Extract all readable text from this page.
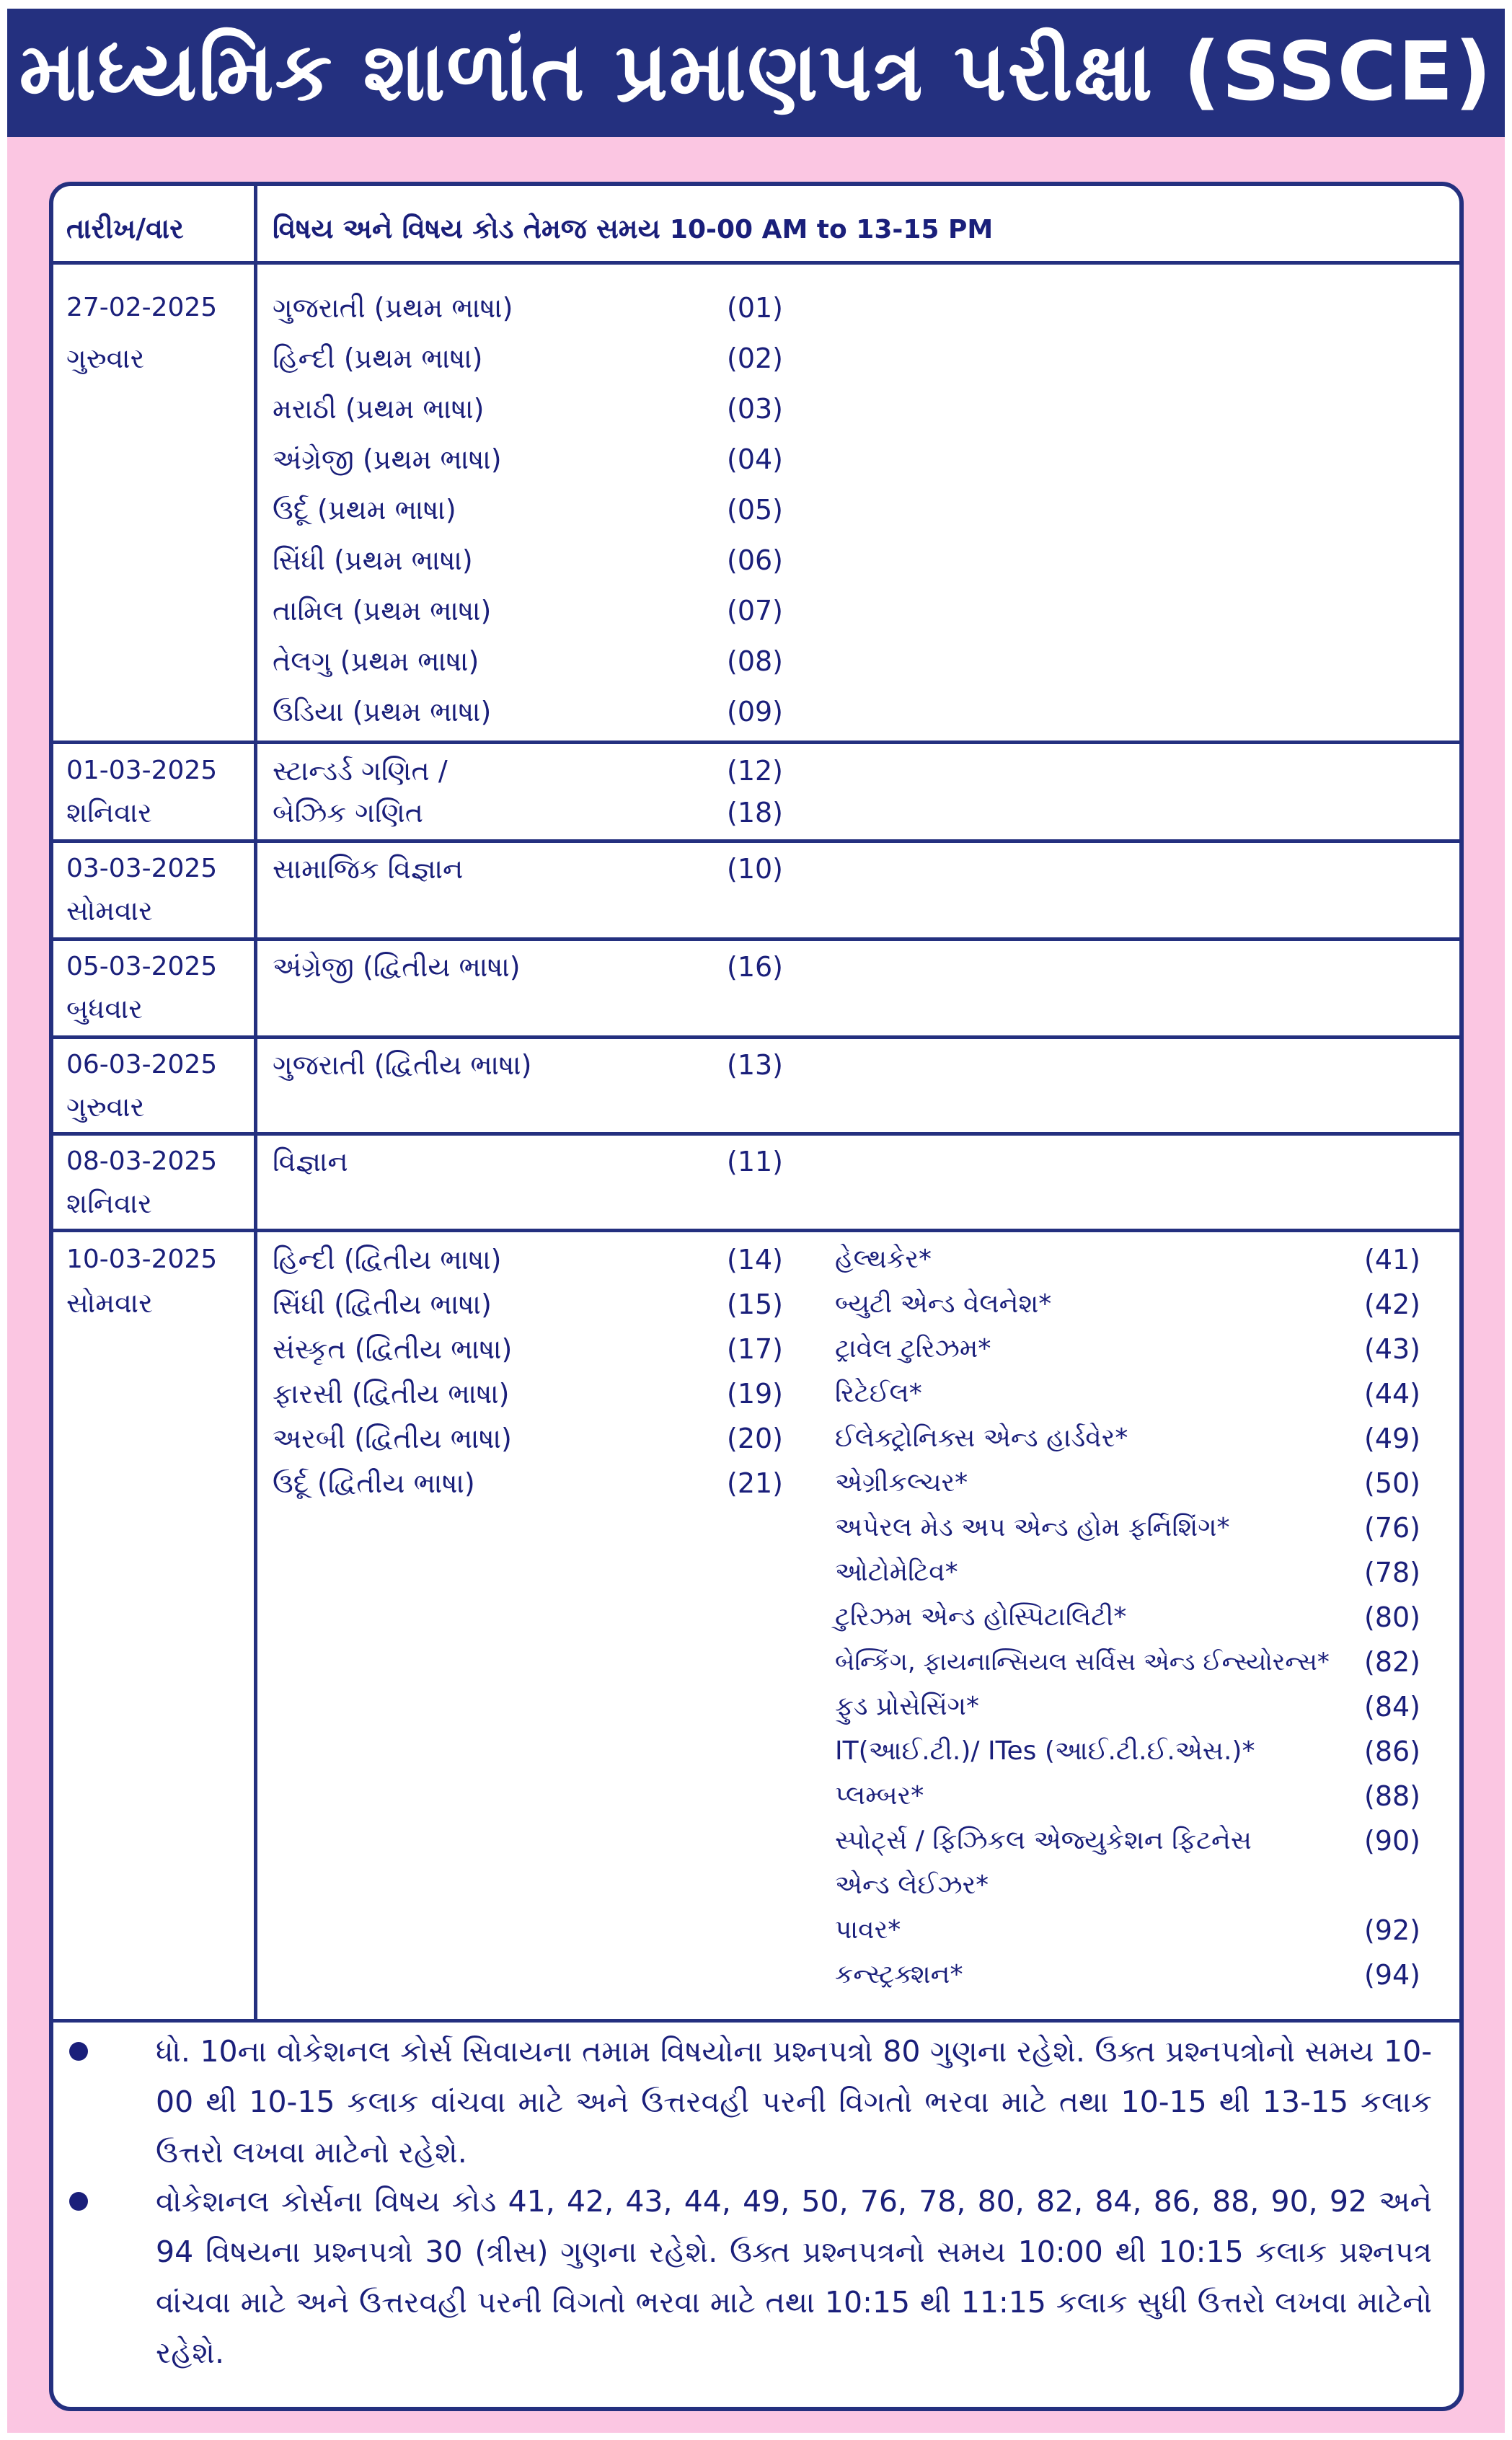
માધ્યમિક શાળાંત પ્રમાણપત્ર પરીક્ષા (SSCE)
તારીખ/વાર	વિષય અને વિષય કોડ તેમજ સમય 10-00 AM to 13-15 PM
27-02-2025
ગુરુવાર
ગુજરાતી (પ્રથમ ભાષા)	(01)
હિન્દી (પ્રથમ ભાષા)	(02)
મરાઠી (પ્રથમ ભાષા)	(03)
અંગ્રેજી (પ્રથમ ભાષા)	(04)
ઉર્દૂ (પ્રથમ ભાષા)	(05)
સિંધી (પ્રથમ ભાષા)	(06)
તામિલ (પ્રથમ ભાષા)	(07)
તેલગુ (પ્રથમ ભાષા)	(08)
ઉડિયા (પ્રથમ ભાષા)	(09)
01-03-2025
શનિવાર
સ્ટાન્ડર્ડ ગણિત /	(12)
બેઝિક ગણિત	(18)
03-03-2025
સોમવાર
સામાજિક વિજ્ઞાન	(10)
05-03-2025
બુધવાર
અંગ્રેજી (દ્વિતીય ભાષા)	(16)
06-03-2025
ગુરુવાર
ગુજરાતી (દ્વિતીય ભાષા)	(13)
08-03-2025
શનિવાર
વિજ્ઞાન	(11)
10-03-2025
સોમવાર
હિન્દી (દ્વિતીય ભાષા)	(14)
સિંધી (દ્વિતીય ભાષા)	(15)
સંસ્કૃત (દ્વિતીય ભાષા)	(17)
ફારસી (દ્વિતીય ભાષા)	(19)
અરબી (દ્વિતીય ભાષા)	(20)
ઉર્દૂ (દ્વિતીય ભાષા)	(21)
હેલ્થકેર*	(41)
બ્યુટી એન્ડ વેલનેશ*	(42)
ટ્રાવેલ ટુરિઝમ*	(43)
રિટેઈલ*	(44)
ઈલેક્ટ્રોનિક્સ એન્ડ હાર્ડવેર*	(49)
એગ્રીકલ્ચર*	(50)
અપેરલ મેડ અપ એન્ડ હોમ ફર્નિશિંગ*	(76)
ઓટોમેટિવ*	(78)
ટુરિઝમ એન્ડ હોસ્પિટાલિટી*	(80)
બેન્કિંગ, ફાયનાન્સિયલ સર્વિસ એન્ડ ઈન્સ્યોરન્સ* (82)
ફુડ પ્રોસેસિંગ*	(84)
IT(આઈ.ટી.)/ ITes (આઈ.ટી.ઈ.એસ.)*	(86)
પ્લમ્બર*	(88)
સ્પોર્ટ્સ / ફિઝિકલ એજ્યુકેશન ફિટનેસ	(90)
એન્ડ લેઈઝર*
પાવર*	(92)
કન્સ્ટ્રક્શન*	(94)
ધો. 10ના વોકેશનલ કોર્સ સિવાયના તમામ વિષયોના પ્રશ્નપત્રો 80 ગુણના રહેશે. ઉક્ત પ્રશ્નપત્રોનો સમય 10-00 થી 10-15 કલાક વાંચવા માટે અને ઉત્તરવહી પરની વિગતો ભરવા માટે તથા 10-15 થી 13-15 કલાક ઉત્તરો લખવા માટેનો રહેશે.
વોકેશનલ કોર્સના વિષય કોડ 41, 42, 43, 44, 49, 50, 76, 78, 80, 82, 84, 86, 88, 90, 92 અને 94 વિષયના પ્રશ્નપત્રો 30 (ત્રીસ) ગુણના રહેશે. ઉક્ત પ્રશ્નપત્રનો સમય 10:00 થી 10:15 કલાક પ્રશ્નપત્ર વાંચવા માટે અને ઉત્તરવહી પરની વિગતો ભરવા માટે તથા 10:15 થી 11:15 કલાક સુધી ઉત્તરો લખવા માટેનો રહેશે.
